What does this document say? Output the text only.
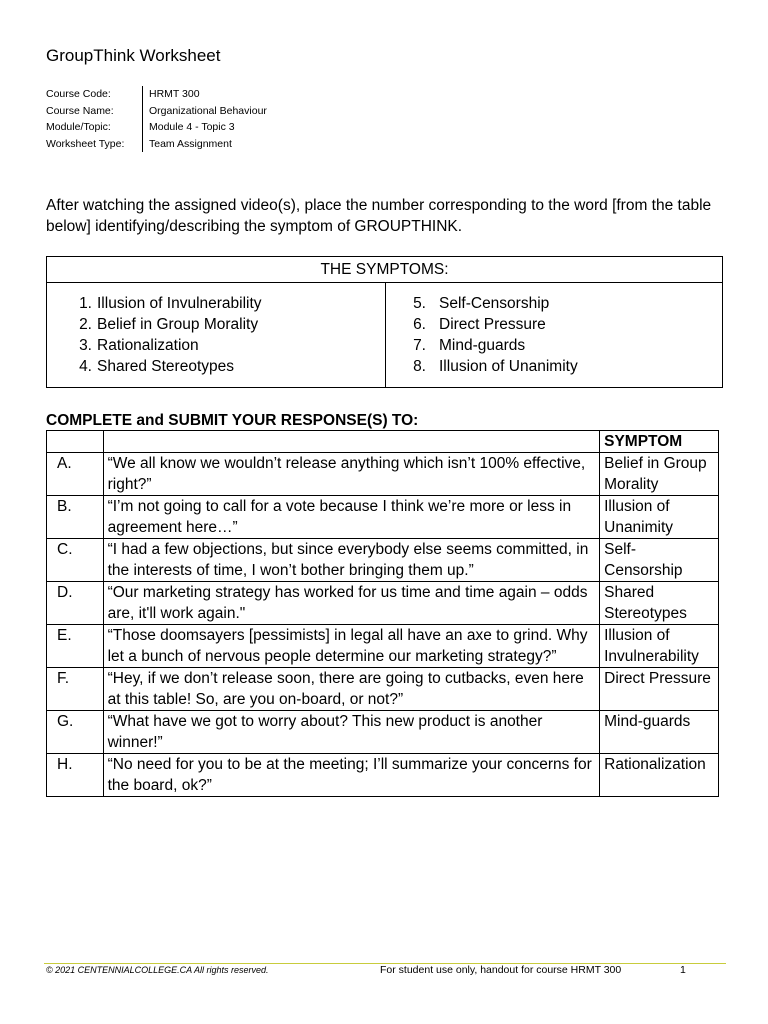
GroupThink Worksheet
Course Code:	HRMT 300
Course Name:	Organizational Behaviour
Module/Topic:	Module 4 - Topic 3
Worksheet Type:	Team Assignment
After watching the assigned video(s), place the number corresponding to the word [from the table below] identifying/describing the symptom of GROUPTHINK.
THE SYMPTOMS:

1. Illusion of Invulnerability
2. Belief in Group Morality
3. Rationalization
4. Shared Stereotypes

5. Self-Censorship
6. Direct Pressure
7. Mind-guards
8. Illusion of Unanimity
COMPLETE and SUBMIT YOUR RESPONSE(S) TO:
		SYMPTOM
A.	“We all know we wouldn’t release anything which isn’t 100% effective, right?”	Belief in Group Morality
B.	“I’m not going to call for a vote because I think we’re more or less in agreement here…”	Illusion of Unanimity
C.	“I had a few objections, but since everybody else seems committed, in the interests of time, I won’t bother bringing them up.”	Self-Censorship
D.	“Our marketing strategy has worked for us time and time again – odds are, it'll work again."	Shared Stereotypes
E.	“Those doomsayers [pessimists] in legal all have an axe to grind. Why let a bunch of nervous people determine our marketing strategy?”	Illusion of Invulnerability
F.	“Hey, if we don’t release soon, there are going to cutbacks, even here at this table! So, are you on-board, or not?”	Direct Pressure
G.	“What have we got to worry about? This new product is another winner!”	Mind-guards
H.	“No need for you to be at the meeting; I’ll summarize your concerns for the board, ok?”	Rationalization
© 2021 CENTENNIALCOLLEGE.CA All rights reserved.	For student use only, handout for course HRMT 300	1
